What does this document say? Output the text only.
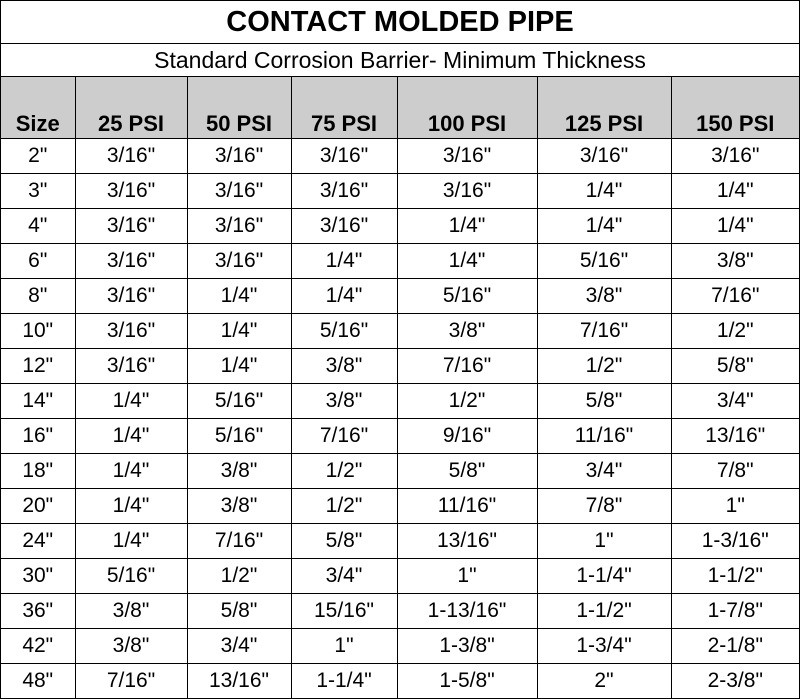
CONTACT MOLDED PIPE
Standard Corrosion Barrier- Minimum Thickness
Size	25 PSI	50 PSI	75 PSI	100 PSI	125 PSI	150 PSI
2"	3/16"	3/16"	3/16"	3/16"	3/16"	3/16"
3"	3/16"	3/16"	3/16"	3/16"	1/4"	1/4"
4"	3/16"	3/16"	3/16"	1/4"	1/4"	1/4"
6"	3/16"	3/16"	1/4"	1/4"	5/16"	3/8"
8"	3/16"	1/4"	1/4"	5/16"	3/8"	7/16"
10"	3/16"	1/4"	5/16"	3/8"	7/16"	1/2"
12"	3/16"	1/4"	3/8"	7/16"	1/2"	5/8"
14"	1/4"	5/16"	3/8"	1/2"	5/8"	3/4"
16"	1/4"	5/16"	7/16"	9/16"	11/16"	13/16"
18"	1/4"	3/8"	1/2"	5/8"	3/4"	7/8"
20"	1/4"	3/8"	1/2"	11/16"	7/8"	1"
24"	1/4"	7/16"	5/8"	13/16"	1"	1-3/16"
30"	5/16"	1/2"	3/4"	1"	1-1/4"	1-1/2"
36"	3/8"	5/8"	15/16"	1-13/16"	1-1/2"	1-7/8"
42"	3/8"	3/4"	1"	1-3/8"	1-3/4"	2-1/8"
48"	7/16"	13/16"	1-1/4"	1-5/8"	2"	2-3/8"
